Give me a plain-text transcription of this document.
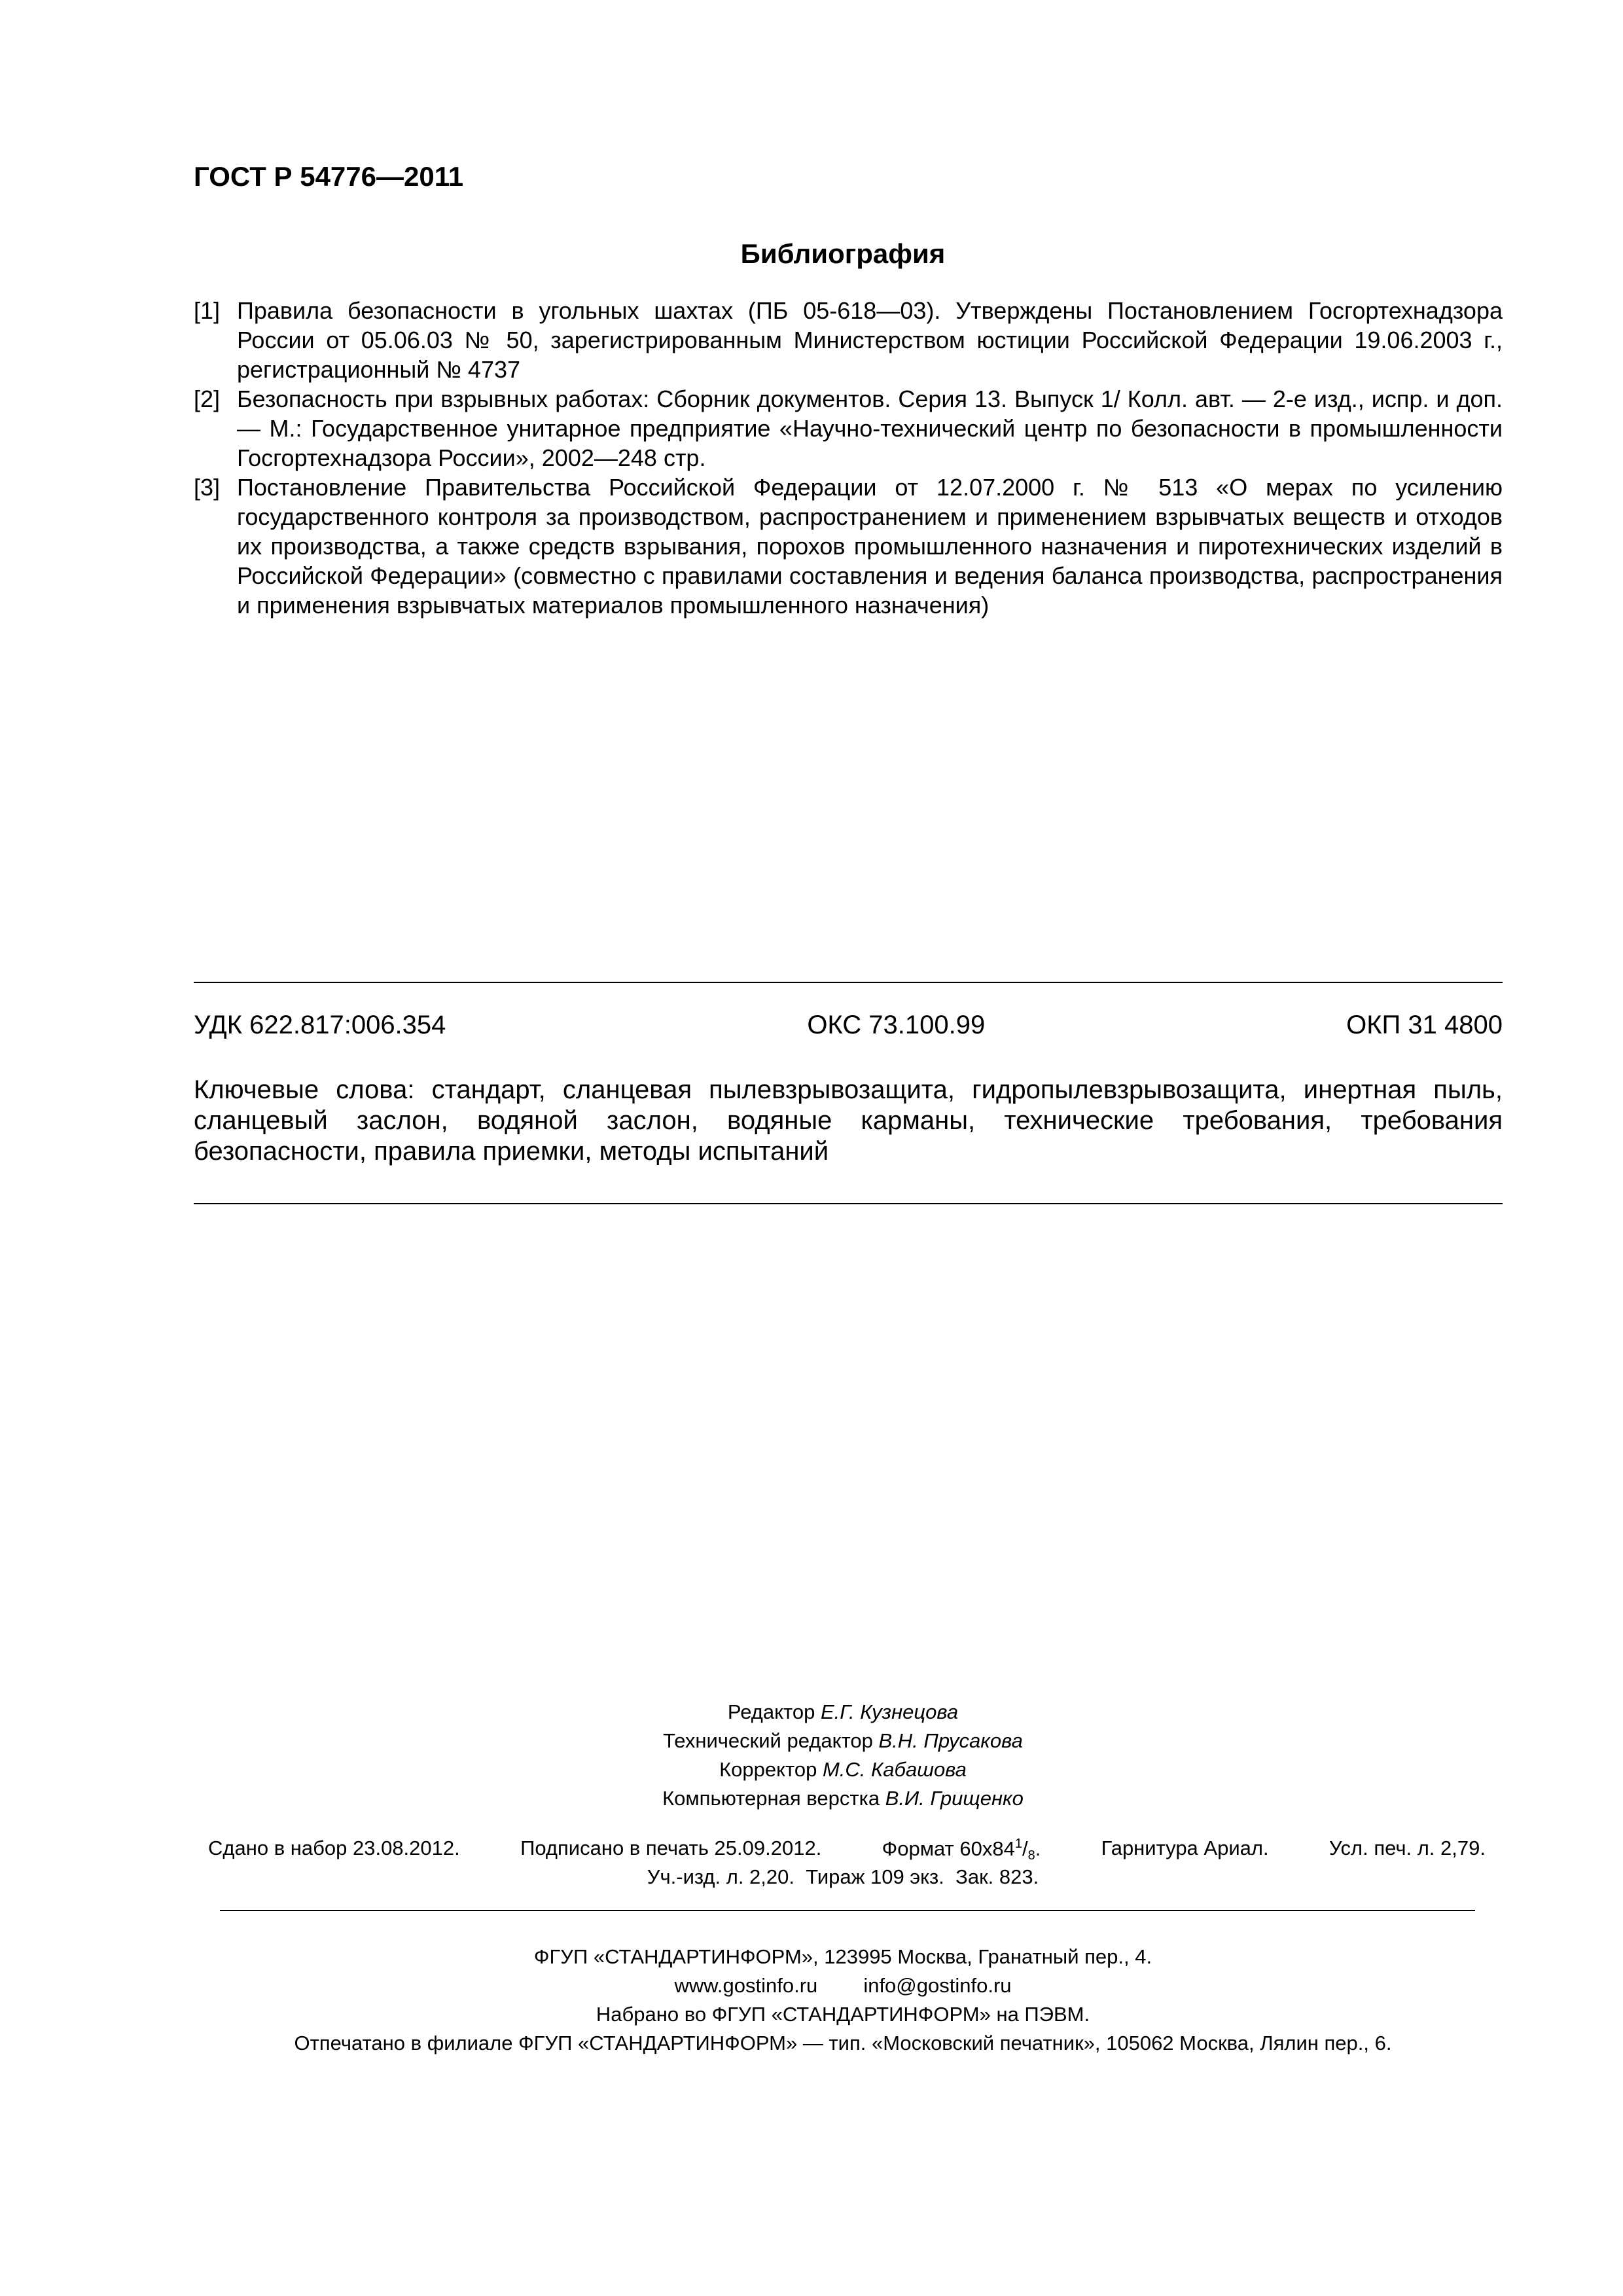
ГОСТ Р 54776—2011
Библиография
[1] Правила безопасности в угольных шахтах (ПБ 05-618—03). Утверждены Постановлением Госгортехнадзора России от 05.06.03 № 50, зарегистрированным Министерством юстиции Российской Федерации 19.06.2003 г., регистрационный № 4737
[2] Безопасность при взрывных работах: Сборник документов. Серия 13. Выпуск 1/ Колл. авт. — 2-е изд., испр. и доп. — М.: Государственное унитарное предприятие «Научно-технический центр по безопасности в промышленности Госгортехнадзора России», 2002—248 стр.
[3] Постановление Правительства Российской Федерации от 12.07.2000 г. № 513 «О мерах по усилению государственного контроля за производством, распространением и применением взрывчатых веществ и отходов их производства, а также средств взрывания, порохов промышленного назначения и пиротехнических изделий в Российской Федерации» (совместно с правилами составления и ведения баланса производства, распространения и применения взрывчатых материалов промышленного назначения)
УДК 622.817:006.354	ОКС 73.100.99	ОКП 31 4800
Ключевые слова: стандарт, сланцевая пылевзрывозащита, гидропылевзрывозащита, инертная пыль, сланцевый заслон, водяной заслон, водяные карманы, технические требования, требования безопасности, правила приемки, методы испытаний
Редактор Е.Г. Кузнецова
Технический редактор В.Н. Прусакова
Корректор М.С. Кабашова
Компьютерная верстка В.И. Грищенко
Сдано в набор 23.08.2012.	Подписано в печать 25.09.2012.	Формат $60x84^1/_8$.	Гарнитура Ариал.	Усл. печ. л. 2,79.
Уч.-изд. л. 2,20. Тираж 109 экз. Зак. 823.
ФГУП «СТАНДАРТИНФОРМ», 123995 Москва, Гранатный пер., 4.
www.gostinfo.ru info@gostinfo.ru
Набрано во ФГУП «СТАНДАРТИНФОРМ» на ПЭВМ.
Отпечатано в филиале ФГУП «СТАНДАРТИНФОРМ» — тип. «Московский печатник», 105062 Москва, Лялин пер., 6.
